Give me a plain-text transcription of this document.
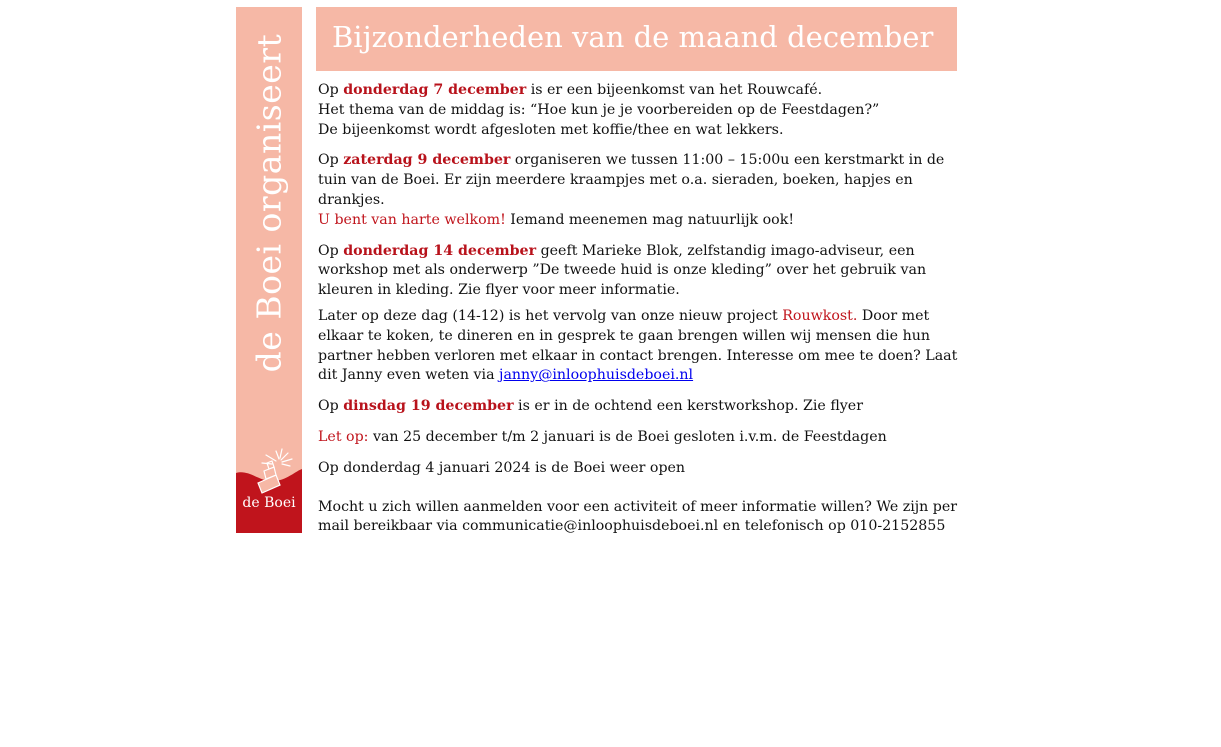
de Boei organiseert
de Boei
Bijzonderheden van de maand december

Op donderdag 7 december is er een bijeenkomst van het Rouwcafé.
Het thema van de middag is: “Hoe kun je je voorbereiden op de Feestdagen?”
De bijeenkomst wordt afgesloten met koffie/thee en wat lekkers.

Op zaterdag 9 december organiseren we tussen 11:00 – 15:00u een kerstmarkt in de tuin van de Boei. Er zijn meerdere kraampjes met o.a. sieraden, boeken, hapjes en drankjes.
U bent van harte welkom! Iemand meenemen mag natuurlijk ook!

Op donderdag 14 december geeft Marieke Blok, zelfstandig imago-adviseur, een workshop met als onderwerp ”De tweede huid is onze kleding” over het gebruik van kleuren in kleding. Zie flyer voor meer informatie.

Later op deze dag (14-12) is het vervolg van onze nieuw project Rouwkost. Door met elkaar te koken, te dineren en in gesprek te gaan brengen willen wij mensen die hun partner hebben verloren met elkaar in contact brengen. Interesse om mee te doen? Laat dit Janny even weten via janny@inloophuisdeboei.nl

Op dinsdag 19 december is er in de ochtend een kerstworkshop. Zie flyer

Let op: van 25 december t/m 2 januari is de Boei gesloten i.v.m. de Feestdagen

Op donderdag 4 januari 2024 is de Boei weer open

Mocht u zich willen aanmelden voor een activiteit of meer informatie willen? We zijn per mail bereikbaar via communicatie@inloophuisdeboei.nl en telefonisch op 010-2152855
